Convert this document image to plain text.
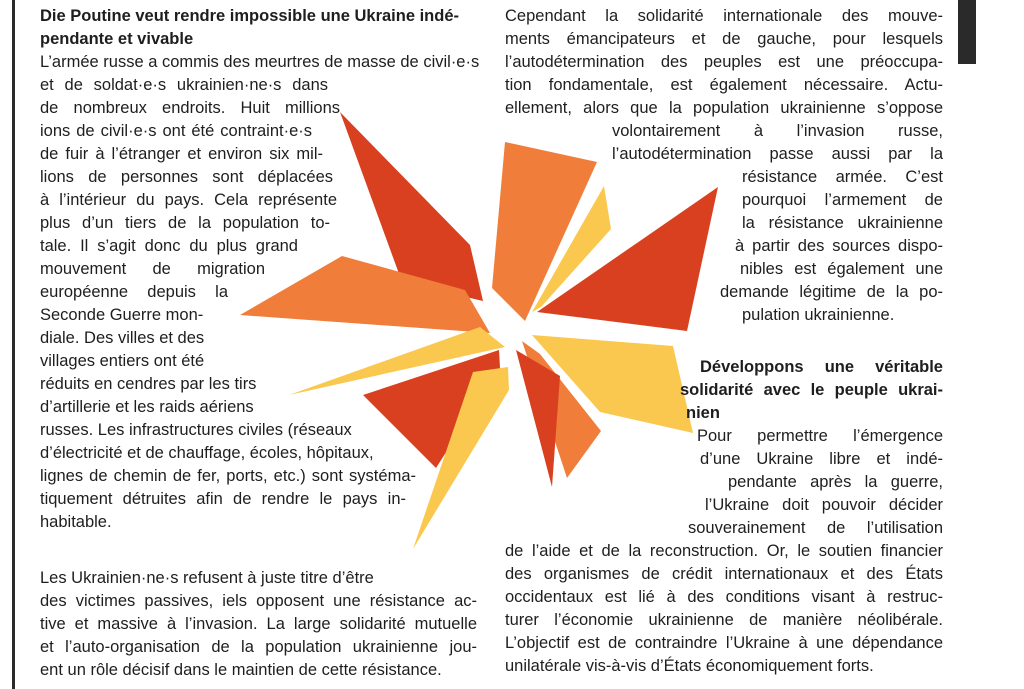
Die Poutine veut rendre impossible une Ukraine indé-

pendante et vivable

L’armée russe a commis des meurtres de masse de civil·e·s

et de soldat·e·s ukrainien·ne·s dans

de nombreux endroits. Huit millions

ions de civil·e·s ont été contraint·e·s

de fuir à l’étranger et environ six mil-

lions de personnes sont déplacées

à l’intérieur du pays. Cela représente

plus d’un tiers de la population to-

tale. Il s’agit donc du plus grand

mouvement de migration

européenne depuis la

Seconde Guerre mon-

diale. Des villes et des

villages entiers ont été

réduits en cendres par les tirs

d’artillerie et les raids aériens

russes. Les infrastructures civiles (réseaux

d’électricité et de chauffage, écoles, hôpitaux,

lignes de chemin de fer, ports, etc.) sont systéma-

tiquement détruites afin de rendre le pays in-

habitable.

Les Ukrainien·ne·s refusent à juste titre d’être

des victimes passives, iels opposent une résistance ac-

tive et massive à l’invasion. La large solidarité mutuelle

et l’auto-organisation de la population ukrainienne jou-

ent un rôle décisif dans le maintien de cette résistance.

Cependant la solidarité internationale des mouve-

ments émancipateurs et de gauche, pour lesquels

l’autodétermination des peuples est une préoccupa-

tion fondamentale, est également nécessaire. Actu-

ellement, alors que la population ukrainienne s’oppose

volontairement à l’invasion russe,

l’autodétermination passe aussi par la

résistance armée. C’est

pourquoi l’armement de

la résistance ukrainienne

à partir des sources dispo-

nibles est également une

demande légitime de la po-

pulation ukrainienne.

Développons une véritable

solidarité avec le peuple ukrai-

nien

Pour permettre l’émergence

d’une Ukraine libre et indé-

pendante après la guerre,

l’Ukraine doit pouvoir décider

souverainement de l’utilisation

de l’aide et de la reconstruction. Or, le soutien financier

des organismes de crédit internationaux et des États

occidentaux est lié à des conditions visant à restruc-

turer l’économie ukrainienne de manière néolibérale.

L’objectif est de contraindre l’Ukraine à une dépendance

unilatérale vis-à-vis d’États économiquement forts.
